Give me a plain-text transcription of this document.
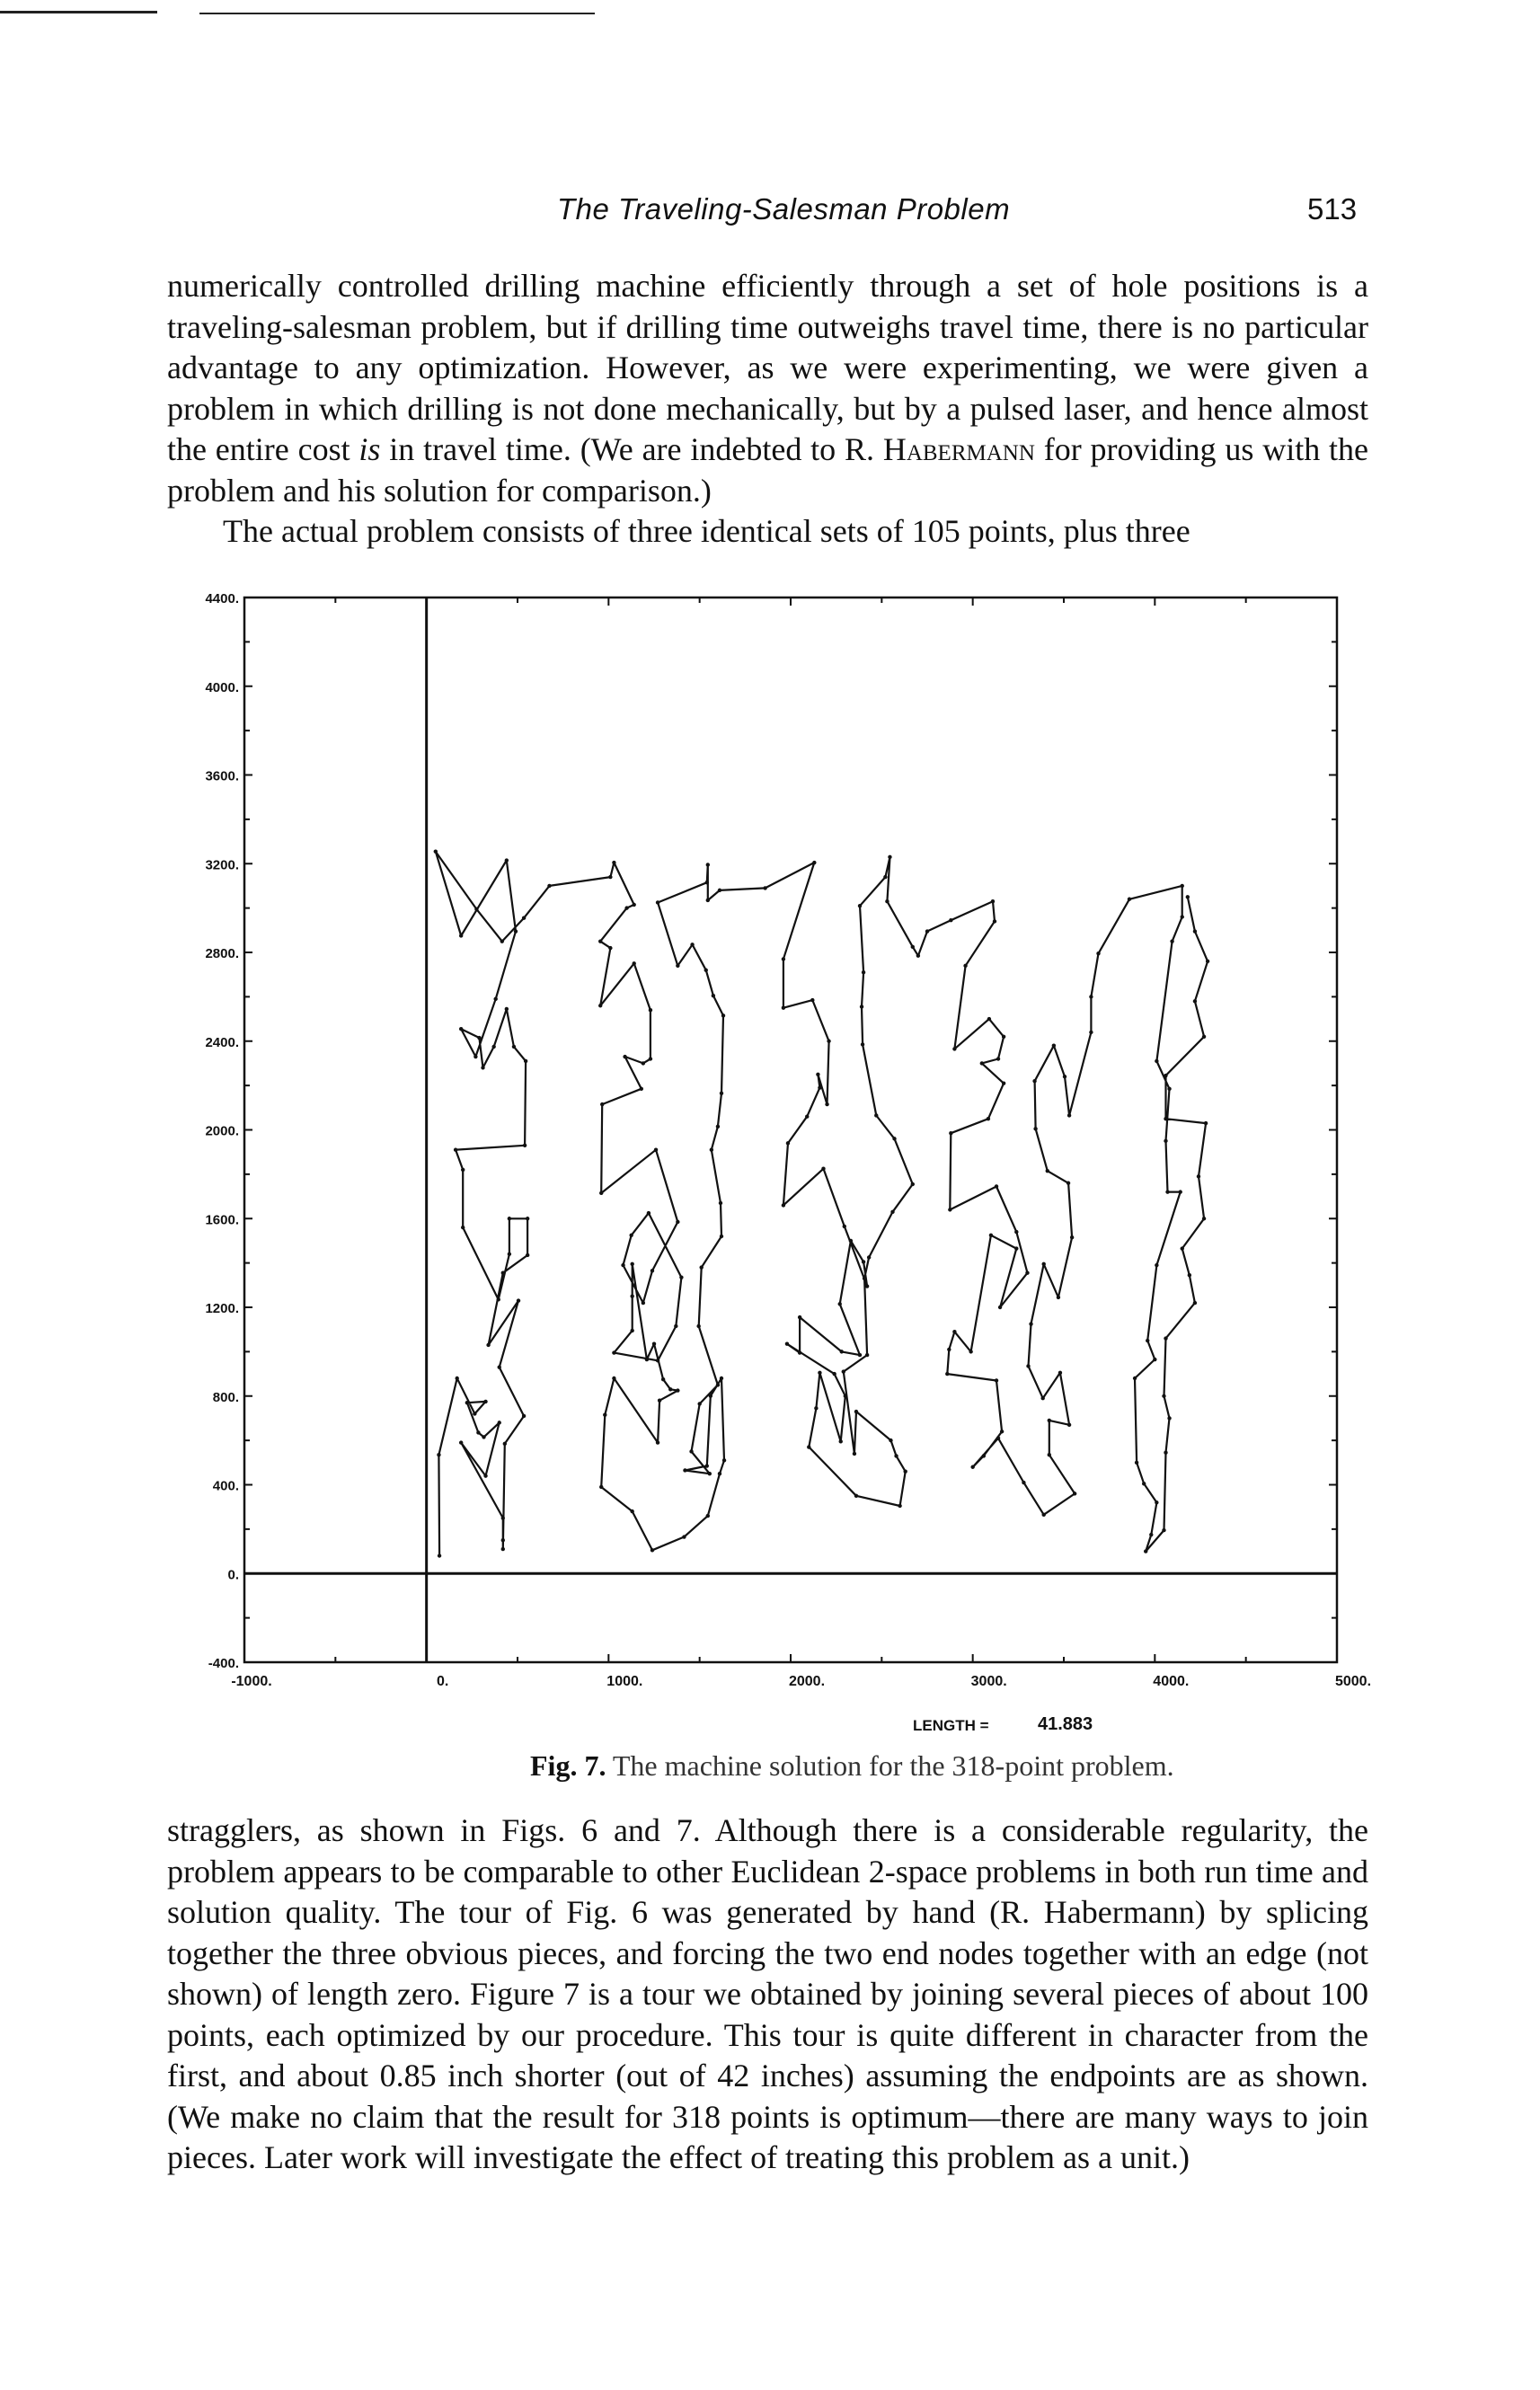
The Traveling-Salesman Problem	513

numerically controlled drilling machine efficiently through a set of hole positions is a traveling-salesman problem, but if drilling time outweighs travel time, there is no particular advantage to any optimization. However, as we were experimenting, we were given a problem in which drilling is not done mechanically, but by a pulsed laser, and hence almost the entire cost is in travel time. (We are indebted to R. Habermann for providing us with the problem and his solution for comparison.)

The actual problem consists of three identical sets of 105 points, plus three

-400.
0.
400.
800.
1200.
1600.
2000.
2400.
2800.
3200.
3600.
4000.
4400.
-1000.	0.	1000.	2000.	3000.	4000.	5000.
LENGTH =	41.883
Fig. 7. The machine solution for the 318-point problem.

stragglers, as shown in Figs. 6 and 7. Although there is a considerable regularity, the problem appears to be comparable to other Euclidean 2-space problems in both run time and solution quality. The tour of Fig. 6 was generated by hand (R. Habermann) by splicing together the three obvious pieces, and forcing the two end nodes together with an edge (not shown) of length zero. Figure 7 is a tour we obtained by joining several pieces of about 100 points, each optimized by our procedure. This tour is quite different in character from the first, and about 0.85 inch shorter (out of 42 inches) assuming the endpoints are as shown. (We make no claim that the result for 318 points is optimum—there are many ways to join pieces. Later work will investigate the effect of treating this problem as a unit.)
